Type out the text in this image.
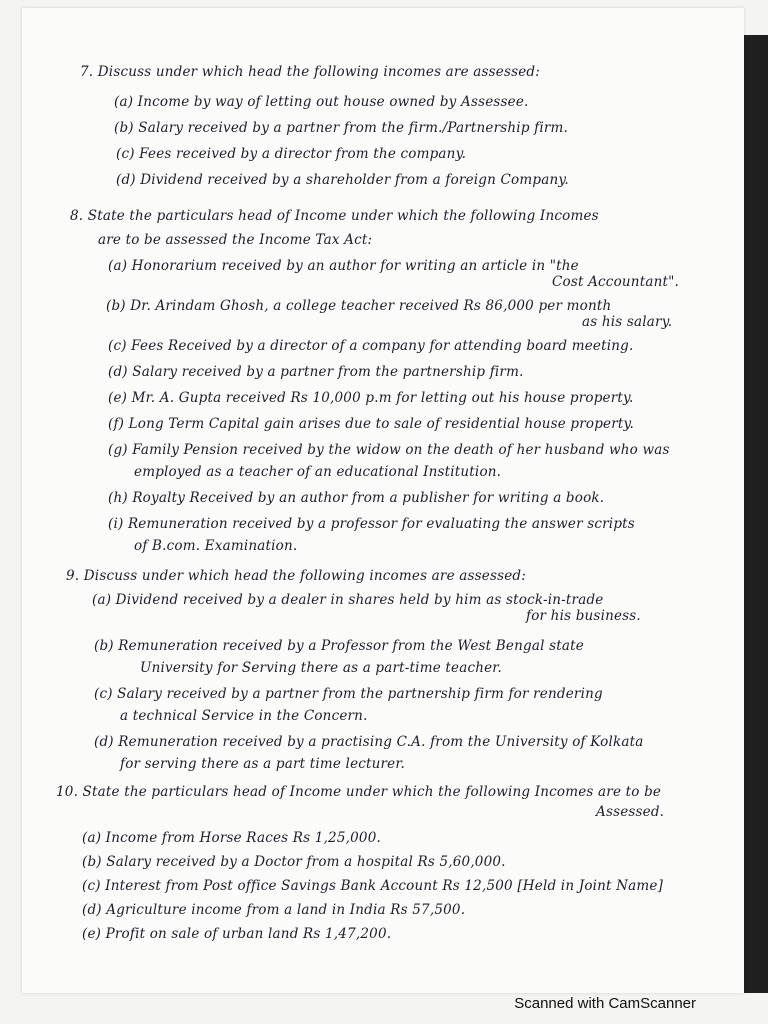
7. Discuss under which head the following incomes are assessed:
(a) Income by way of letting out house owned by Assessee.
(b) Salary received by a partner from the firm./Partnership firm.
(c) Fees received by a director from the company.
(d) Dividend received by a shareholder from a foreign Company.
8. State the particulars head of Income under which the following Incomes
are to be assessed the Income Tax Act:
(a) Honorarium received by an author for writing an article in "the
Cost Accountant".
(b) Dr. Arindam Ghosh, a college teacher received Rs 86,000 per month
as his salary.
(c) Fees Received by a director of a company for attending board meeting.
(d) Salary received by a partner from the partnership firm.
(e) Mr. A. Gupta received Rs 10,000 p.m for letting out his house property.
(f) Long Term Capital gain arises due to sale of residential house property.
(g) Family Pension received by the widow on the death of her husband who was
employed as a teacher of an educational Institution.
(h) Royalty Received by an author from a publisher for writing a book.
(i) Remuneration received by a professor for evaluating the answer scripts
of B.com. Examination.
9. Discuss under which head the following incomes are assessed:
(a) Dividend received by a dealer in shares held by him as stock-in-trade
for his business.
(b) Remuneration received by a Professor from the West Bengal state
University for Serving there as a part-time teacher.
(c) Salary received by a partner from the partnership firm for rendering
a technical Service in the Concern.
(d) Remuneration received by a practising C.A. from the University of Kolkata
for serving there as a part time lecturer.
10. State the particulars head of Income under which the following Incomes are to be
Assessed.
(a) Income from Horse Races Rs 1,25,000.
(b) Salary received by a Doctor from a hospital Rs 5,60,000.
(c) Interest from Post office Savings Bank Account Rs 12,500 [Held in Joint Name]
(d) Agriculture income from a land in India Rs 57,500.
(e) Profit on sale of urban land Rs 1,47,200.
Scanned with CamScanner
